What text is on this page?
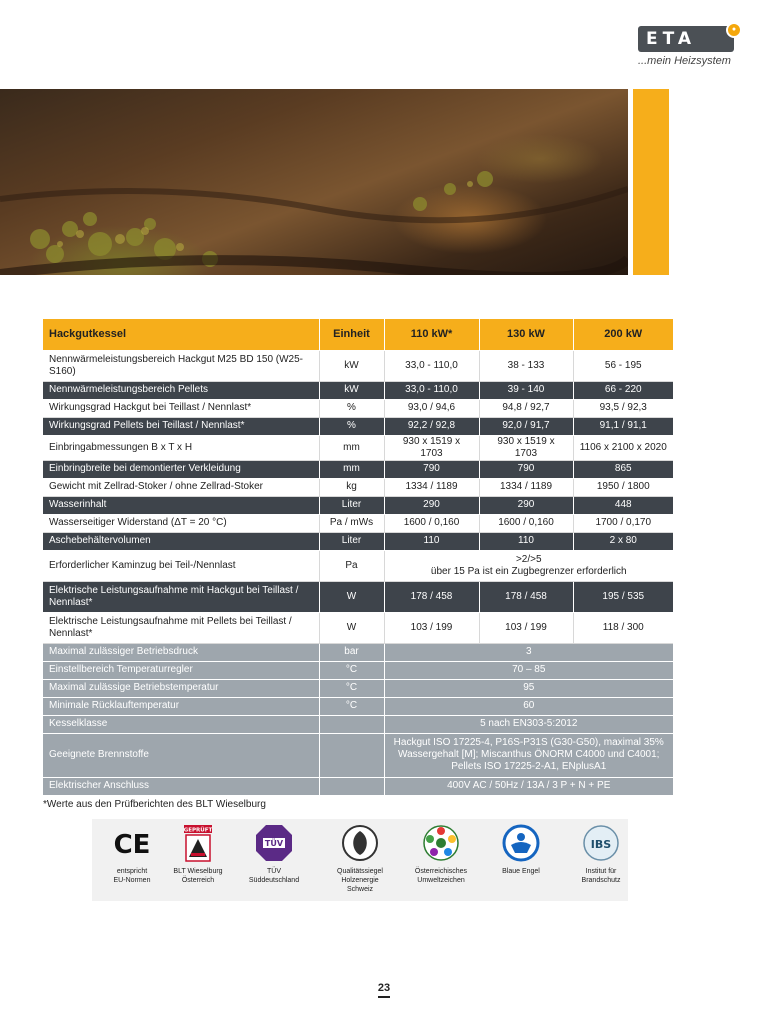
ETA	●
...mein Heizsystem
Hackgutkessel	Einheit	110 kW*	130 kW	200 kW
Nennwärmeleistungsbereich Hackgut M25 BD 150 (W25-S160)	kW	33,0 - 110,0	38 - 133	56 - 195
Nennwärmeleistungsbereich Pellets	kW	33,0 - 110,0	39 - 140	66 - 220
Wirkungsgrad Hackgut bei Teillast / Nennlast*	%	93,0 / 94,6	94,8 / 92,7	93,5 / 92,3
Wirkungsgrad Pellets bei Teillast / Nennlast*	%	92,2 / 92,8	92,0 / 91,7	91,1 / 91,1
Einbringabmessungen B x T x H	mm	930 x 1519 x 1703	930 x 1519 x 1703	1106 x 2100 x 2020
Einbringbreite bei demontierter Verkleidung	mm	790	790	865
Gewicht mit Zellrad-Stoker / ohne Zellrad-Stoker	kg	1334 / 1189	1334 / 1189	1950 / 1800
Wasserinhalt	Liter	290	290	448
Wasserseitiger Widerstand (ΔT = 20 °C)	Pa / mWs	1600 / 0,160	1600 / 0,160	1700 / 0,170
Aschebehältervolumen	Liter	110	110	2 x 80
Erforderlicher Kaminzug bei Teil-/Nennlast	Pa	>2/>5
über 15 Pa ist ein Zugbegrenzer erforderlich		

Elektrische Leistungsaufnahme mit Hackgut bei Teillast / Nennlast*	W	178 / 458	178 / 458	195 / 535
Elektrische Leistungsaufnahme mit Pellets bei Teillast / Nennlast*	W	103 / 199	103 / 199	118 / 300
Maximal zulässiger Betriebsdruck	bar	3		
Einstellbereich Temperaturregler	°C	70 – 85		
Maximal zulässige Betriebstemperatur	°C	95		
Minimale Rücklauftemperatur	°C	60		
Kesselklasse		5 nach EN303-5:2012		
Geeignete Brennstoffe		Hackgut ISO 17225-4, P16S-P31S (G30-G50), maximal 35%
Wassergehalt [M]; Miscanthus ÖNORM C4000 und C4001;
Pellets ISO 17225-2-A1, ENplusA1		

Elektrischer Anschluss		400V AC / 50Hz / 13A / 3 P + N + PE		
*Werte aus den Prüfberichten des BLT Wieselburg
CE
entspricht
EU-Normen
GEPRÜFT
BLT Wieselburg
Österreich
TÜV
TÜV
Süddeutschland
Qualitätssiegel
Holzenergie
Schweiz
Österreichisches
Umweltzeichen
Blaue Engel
IBS
Institut für
Brandschutz
23
